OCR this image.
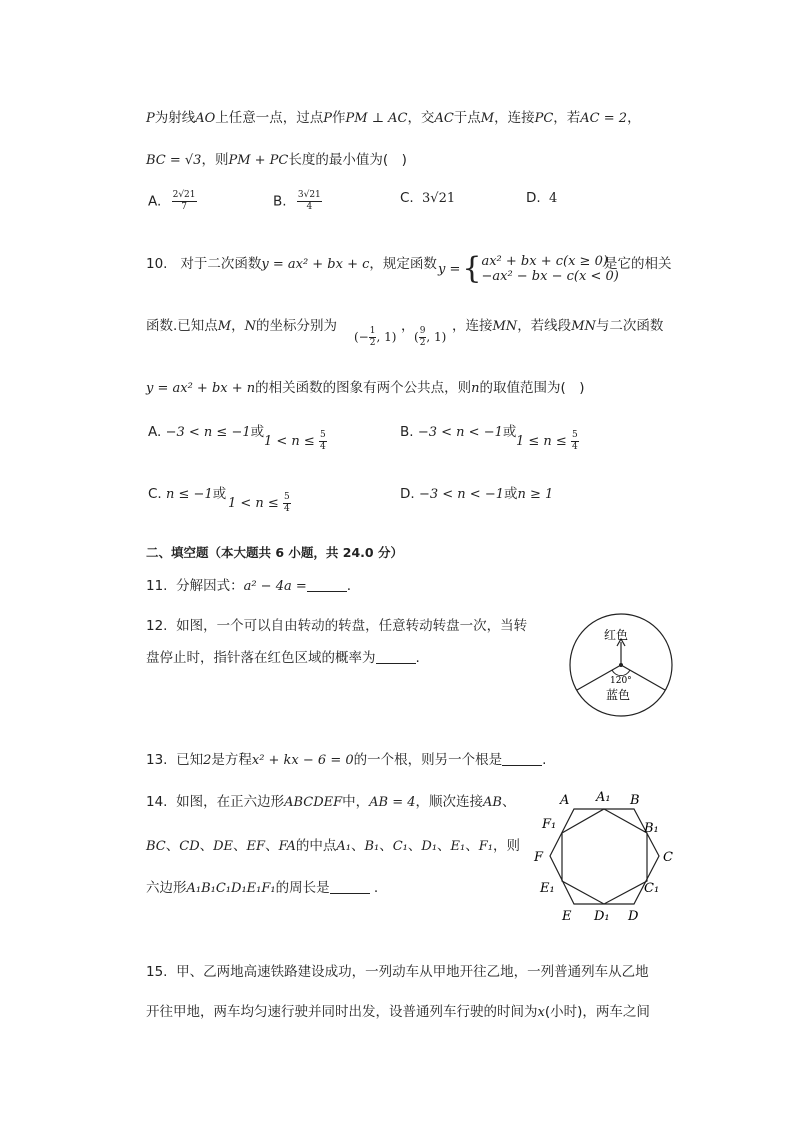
P为射线AO上任意一点，过点P作PM ⊥ AC，交AC于点M，连接PC，若AC = 2，
BC = √3，则PM + PC长度的最小值为(　)
A. $\frac{2√21}{7}$	B. $\frac{3√21}{4}$	C. 3√21	D. 4
10. 对于二次函数y = ax² + bx + c，规定函数 y = { ax² + bx + c(x ≥ 0)
−ax² − bx − c(x < 0)
是它的相关
函数.已知点M，N的坐标分别为
(− $\frac{1}{2}$ , 1)
，
( $\frac{9}{2}$ , 1)
，连接MN，若线段MN与二次函数
y = ax² + bx + n的相关函数的图象有两个公共点，则n的取值范围为(　)
A. −3 < n ≤ −1或
$1 < n \le \frac{5}{4}$	B. −3 < n < −1或
$1 \le n \le \frac{5}{4}$
C. n ≤ −1或
$1 < n \le \frac{5}{4}$	D. −3 < n < −1或n ≥ 1
二、填空题（本大题共 6 小题，共 24.0 分）
11. 分解因式：a² − 4a =	.
12. 如图，一个可以自由转动的转盘，任意转动转盘一次，当转
盘停止时，指针落在红色区域的概率为	.
红色
120°
蓝色
13. 已知2是方程x² + kx − 6 = 0的一个根，则另一个根是	.
14. 如图，在正六边形ABCDEF中，AB = 4，顺次连接AB、
BC、CD、DE、EF、FA的中点A₁、B₁、C₁、D₁、E₁、F₁，则
六边形A₁B₁C₁D₁E₁F₁的周长是	.
A A₁ B
B₁
C
C₁
D
D₁
E
E₁
F
F₁
15. 甲、乙两地高速铁路建设成功，一列动车从甲地开往乙地，一列普通列车从乙地
开往甲地，两车均匀速行驶并同时出发，设普通列车行驶的时间为x(小时)，两车之间
